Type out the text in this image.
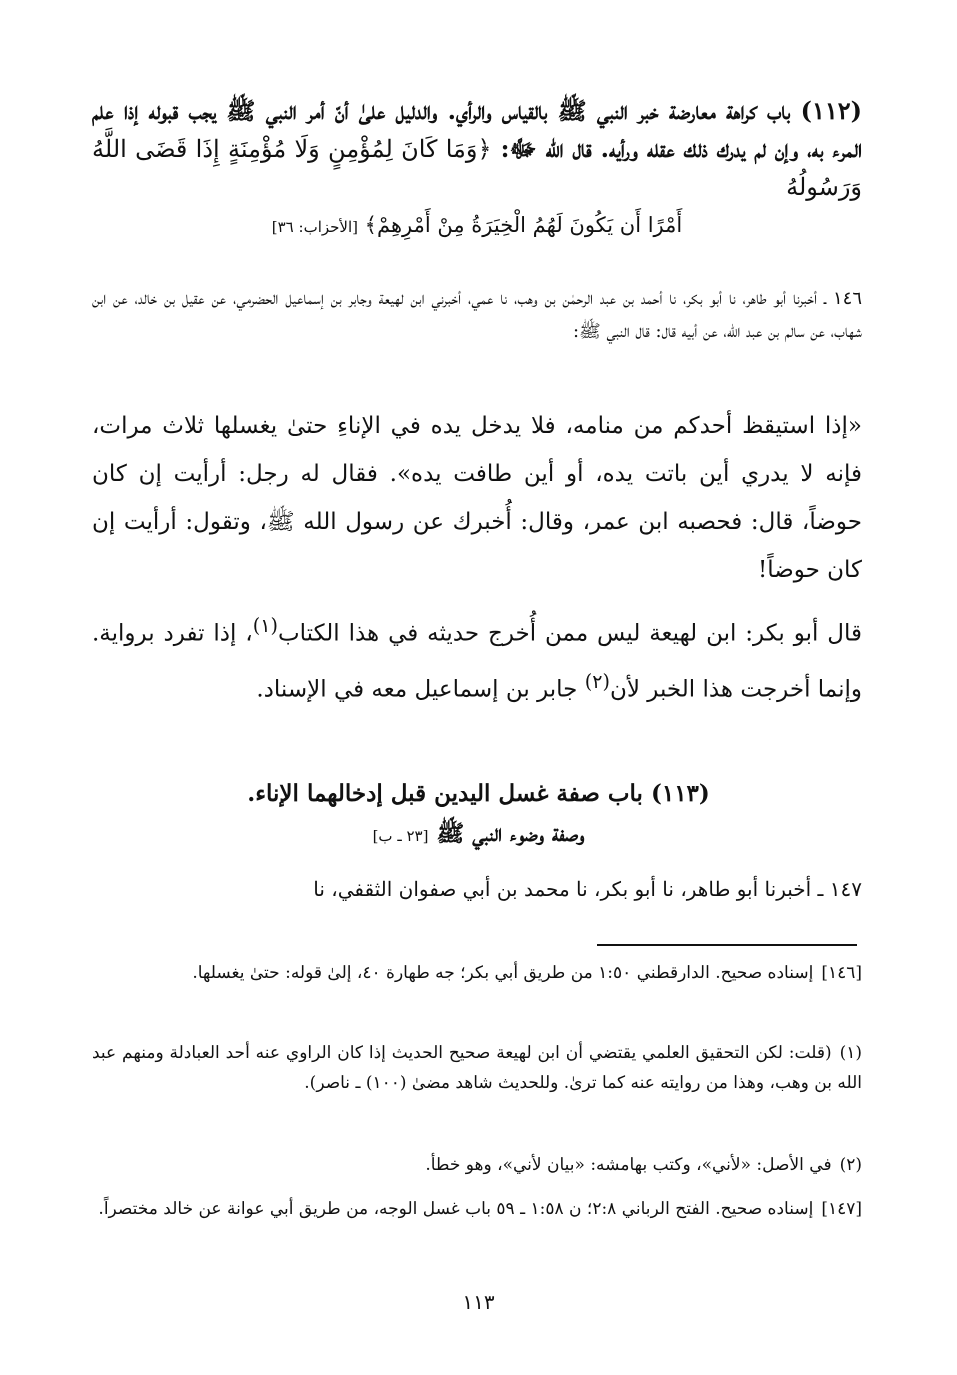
(١١٢) باب كراهة معارضة خبر النبي ﷺ بالقياس والرأي. والدليل علىٰ أنّ أمر النبي ﷺ يجب قبوله إذا علم المرء به، وإن لم يدرك ذلك عقله ورأيه. قال الله ﷻ: ﴿وَمَا كَانَ لِمُؤْمِنٍ وَلَا مُؤْمِنَةٍ إِذَا قَضَى اللَّهُ وَرَسُولُهُ
أَمْرًا أَن يَكُونَ لَهُمُ الْخِيَرَةُ مِنْ أَمْرِهِمْ﴾ [الأحزاب: ٣٦]
١٤٦ ـ أخبرنا أبو طاهر، نا أبو بكر، نا أحمد بن عبد الرحمٰن بن وهب، نا عمي، أخبرني ابن لهيعة وجابر بن إسماعيل الحضرمي، عن عقيل بن خالد، عن ابن شهاب، عن سالم بن عبد الله، عن أبيه قال: قال النبي ﷺ:
«إذا استيقظ أحدكم من منامه، فلا يدخل يده في الإناءِ حتىٰ يغسلها ثلاث مرات، فإنه لا يدري أين باتت يده، أو أين طافت يده». فقال له رجل: أرأيت إن كان حوضاً، قال: فحصبه ابن عمر، وقال: أُخبرك عن رسول الله ﷺ، وتقول: أرأيت إن كان حوضاً!
قال أبو بكر: ابن لهيعة ليس ممن أُخرج حديثه في هذا الكتاب$^{(١)}$، إذا تفرد برواية. وإنما أخرجت هذا الخبر لأن$^{(٢)}$ جابر بن إسماعيل معه في الإسناد.
(١١٣) باب صفة غسل اليدين قبل إدخالهما الإناء.
وصفة وضوء النبي ﷺ [٢٣ ـ ب]
١٤٧ ـ أخبرنا أبو طاهر، نا أبو بكر، نا محمد بن أبي صفوان الثقفي، نا
[١٤٦]إسناده صحيح. الدارقطني ١:٥٠ من طريق أبي بكر؛ جه طهارة ٤٠، إلىٰ قوله: حتىٰ يغسلها.
(١)(قلت: لكن التحقيق العلمي يقتضي أن ابن لهيعة صحيح الحديث إذا كان الراوي عنه أحد العبادلة ومنهم عبد الله بن وهب، وهذا من روايته عنه كما ترىٰ. وللحديث شاهد مضىٰ (١٠٠) ـ ناصر).
(٢)في الأصل: «لأني»، وكتب بهامشه: «بيان لأني»، وهو خطأ.
[١٤٧]إسناده صحيح. الفتح الرباني ٢:٨؛ ن ١:٥٨ ـ ٥٩ باب غسل الوجه، من طريق أبي عوانة عن خالد مختصراً.
١١٣
